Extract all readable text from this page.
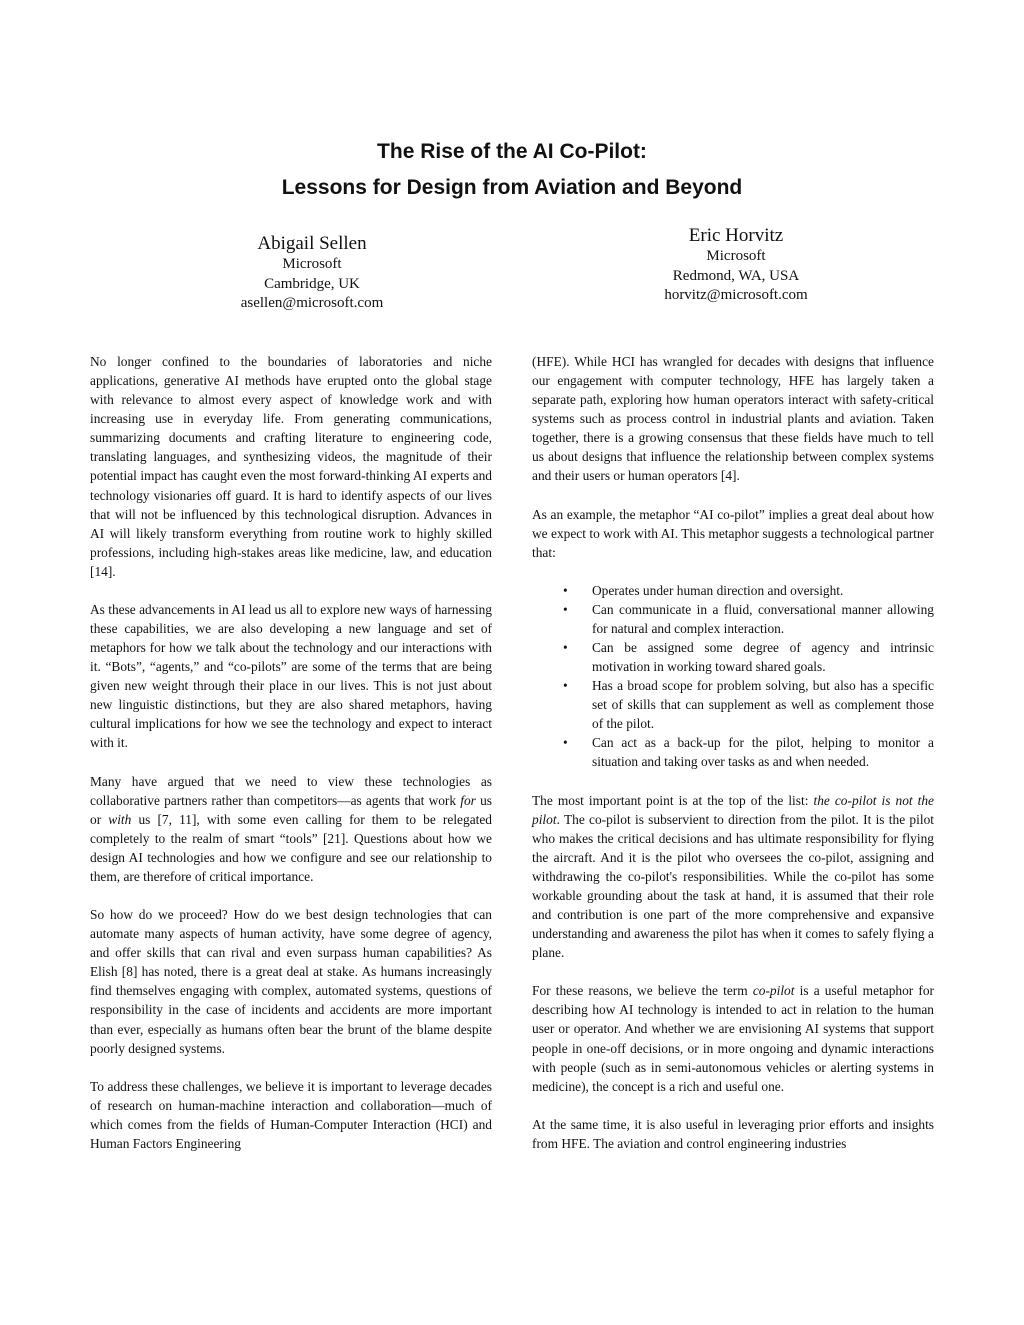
The Rise of the AI Co-Pilot:
Lessons for Design from Aviation and Beyond
Abigail Sellen
Microsoft
Cambridge, UK
asellen@microsoft.com
Eric Horvitz
Microsoft
Redmond, WA, USA
horvitz@microsoft.com

No longer confined to the boundaries of laboratories and niche applications, generative AI methods have erupted onto the global stage with relevance to almost every aspect of knowledge work and with increasing use in everyday life. From generating communications, summarizing documents and crafting literature to engineering code, translating languages, and synthesizing videos, the magnitude of their potential impact has caught even the most forward-thinking AI experts and technology visionaries off guard. It is hard to identify aspects of our lives that will not be influenced by this technological disruption. Advances in AI will likely transform everything from routine work to highly skilled professions, including high-stakes areas like medicine, law, and education [14].

As these advancements in AI lead us all to explore new ways of harnessing these capabilities, we are also developing a new language and set of metaphors for how we talk about the technology and our interactions with it. “Bots”, “agents,” and “co-pilots” are some of the terms that are being given new weight through their place in our lives. This is not just about new linguistic distinctions, but they are also shared metaphors, having cultural implications for how we see the technology and expect to interact with it.

Many have argued that we need to view these technologies as collaborative partners rather than competitors—as agents that work for us or with us [7, 11], with some even calling for them to be relegated completely to the realm of smart “tools” [21]. Questions about how we design AI technologies and how we configure and see our relationship to them, are therefore of critical importance.

So how do we proceed? How do we best design technologies that can automate many aspects of human activity, have some degree of agency, and offer skills that can rival and even surpass human capabilities? As Elish [8] has noted, there is a great deal at stake. As humans increasingly find themselves engaging with complex, automated systems, questions of responsibility in the case of incidents and accidents are more important than ever, especially as humans often bear the brunt of the blame despite poorly designed systems.

To address these challenges, we believe it is important to leverage decades of research on human-machine interaction and collaboration—much of which comes from the fields of Human-Computer Interaction (HCI) and Human Factors Engineering

(HFE). While HCI has wrangled for decades with designs that influence our engagement with computer technology, HFE has largely taken a separate path, exploring how human operators interact with safety-critical systems such as process control in industrial plants and aviation. Taken together, there is a growing consensus that these fields have much to tell us about designs that influence the relationship between complex systems and their users or human operators [4].

As an example, the metaphor “AI co-pilot” implies a great deal about how we expect to work with AI. This metaphor suggests a technological partner that:

• Operates under human direction and oversight.
• Can communicate in a fluid, conversational manner allowing for natural and complex interaction.
• Can be assigned some degree of agency and intrinsic motivation in working toward shared goals.
• Has a broad scope for problem solving, but also has a specific set of skills that can supplement as well as complement those of the pilot.
• Can act as a back-up for the pilot, helping to monitor a situation and taking over tasks as and when needed.

The most important point is at the top of the list: the co-pilot is not the pilot. The co-pilot is subservient to direction from the pilot. It is the pilot who makes the critical decisions and has ultimate responsibility for flying the aircraft. And it is the pilot who oversees the co-pilot, assigning and withdrawing the co-pilot's responsibilities. While the co-pilot has some workable grounding about the task at hand, it is assumed that their role and contribution is one part of the more comprehensive and expansive understanding and awareness the pilot has when it comes to safely flying a plane.

For these reasons, we believe the term co-pilot is a useful metaphor for describing how AI technology is intended to act in relation to the human user or operator. And whether we are envisioning AI systems that support people in one-off decisions, or in more ongoing and dynamic interactions with people (such as in semi-autonomous vehicles or alerting systems in medicine), the concept is a rich and useful one.

At the same time, it is also useful in leveraging prior efforts and insights from HFE. The aviation and control engineering industries
